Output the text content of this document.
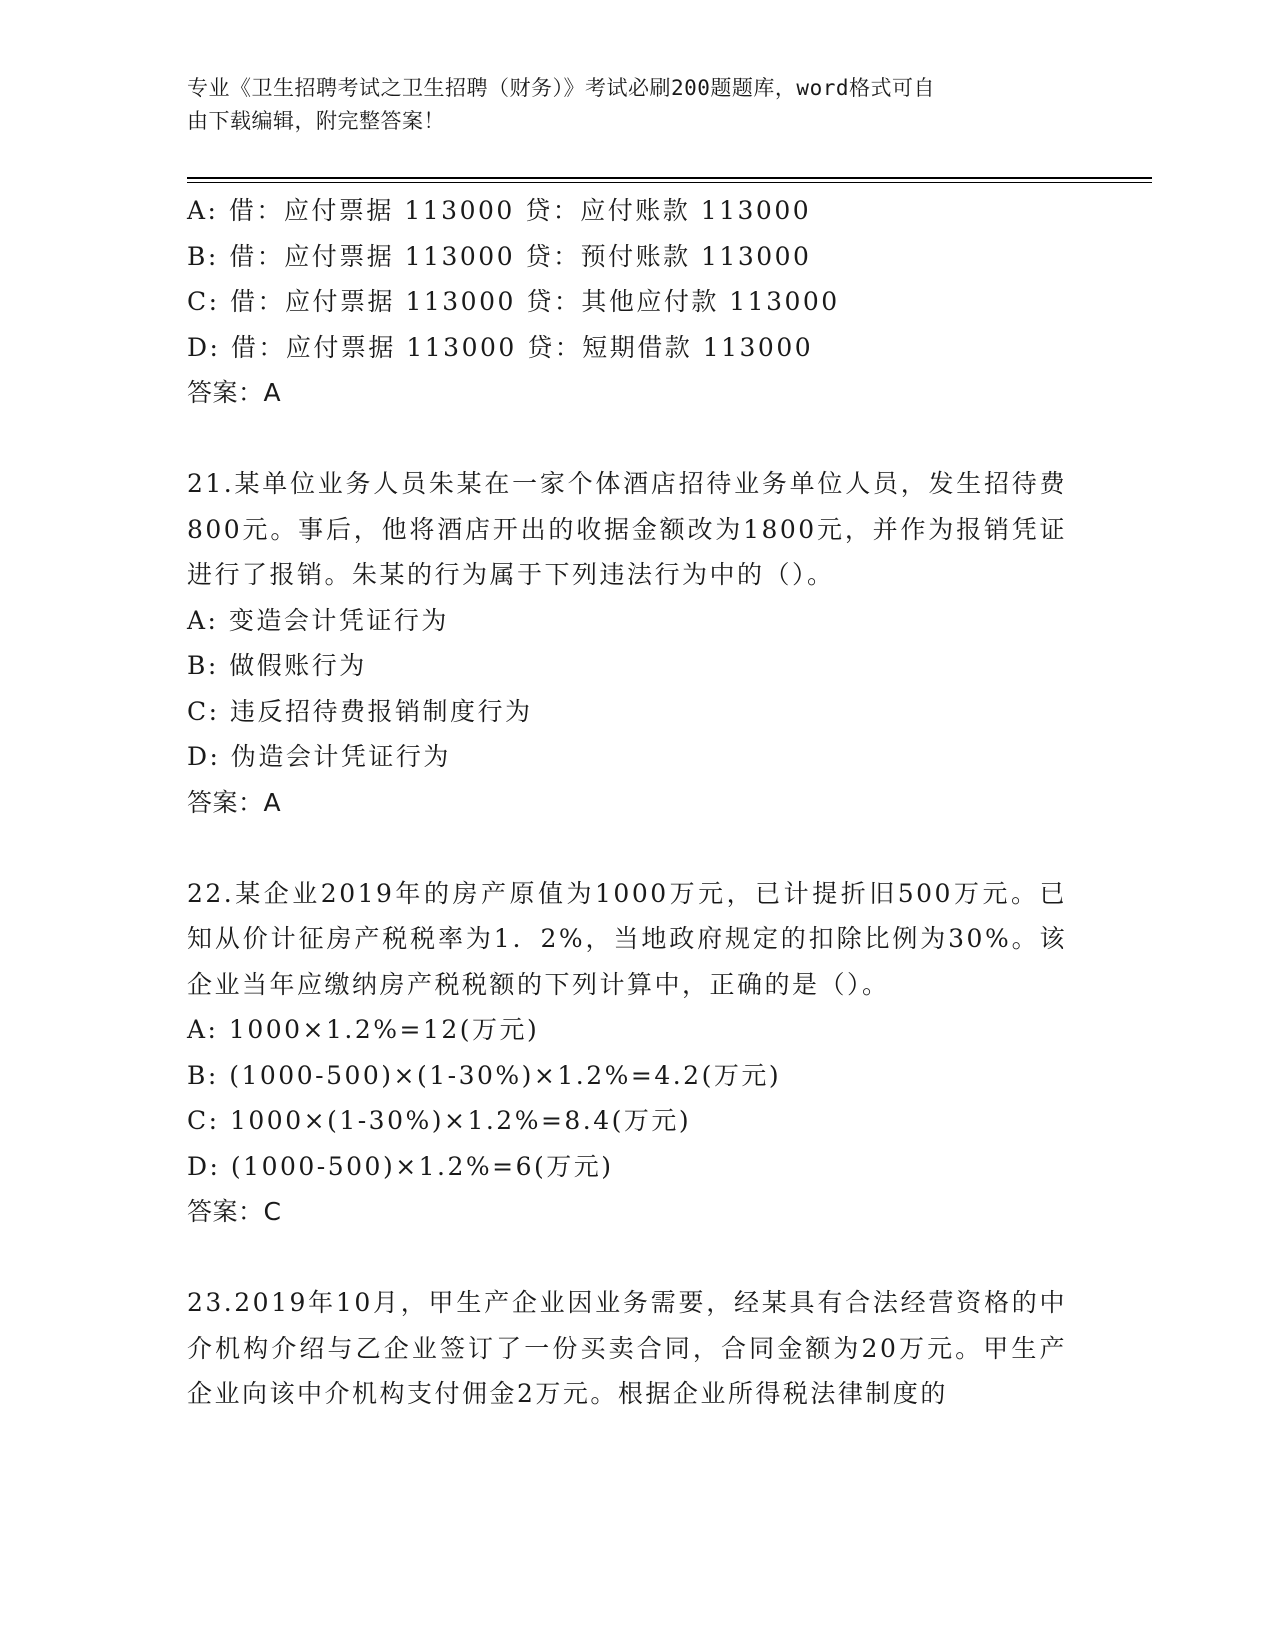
专业《卫生招聘考试之卫生招聘（财务）》考试必刷200题题库，word格式可自
由下载编辑，附完整答案！
A: 借：应付票据 113000 贷：应付账款 113000
B: 借：应付票据 113000 贷：预付账款 113000
C: 借：应付票据 113000 贷：其他应付款 113000
D: 借：应付票据 113000 贷：短期借款 113000
答案：A
21.某单位业务人员朱某在一家个体酒店招待业务单位人员，发生招待费800元。事后，他将酒店开出的收据金额改为1800元，并作为报销凭证进行了报销。朱某的行为属于下列违法行为中的（）。
A: 变造会计凭证行为
B: 做假账行为
C: 违反招待费报销制度行为
D: 伪造会计凭证行为
答案：A
22.某企业2019年的房产原值为1000万元，已计提折旧500万元。已知从价计征房产税税率为1．2%，当地政府规定的扣除比例为30%。该企业当年应缴纳房产税税额的下列计算中，正确的是（）。
A: 1000×1.2%=12(万元)
B: (1000-500)×(1-30%)×1.2%=4.2(万元)
C: 1000×(1-30%)×1.2%=8.4(万元)
D: (1000-500)×1.2%=6(万元)
答案：C
23.2019年10月，甲生产企业因业务需要，经某具有合法经营资格的中介机构介绍与乙企业签订了一份买卖合同，合同金额为20万元。甲生产企业向该中介机构支付佣金2万元。根据企业所得税法律制度的
